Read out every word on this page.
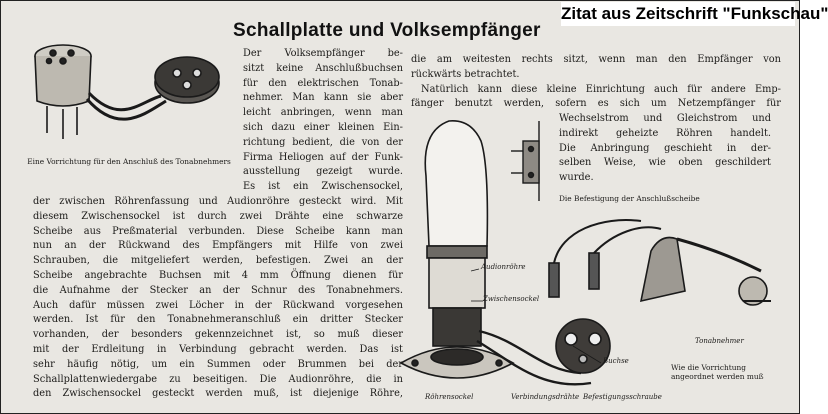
Zitat aus Zeitschrift "Funkschau"
Schallplatte und Volksempfänger
Eine Vorrichtung für den Anschluß des Tonabnehmers
Der Volksempfänger be-
sitzt keine Anschlußbuchsen
für den elektrischen Tonab-
nehmer. Man kann sie aber
leicht anbringen, wenn man
sich dazu einer kleinen Ein-
richtung bedient, die von der
Firma Heliogen auf der Funk-
ausstellung gezeigt wurde.
Es ist ein Zwischensockel,
der zwischen Röhrenfassung und Audionröhre gesteckt wird. Mit
diesem Zwischensockel ist durch zwei Drähte eine schwarze
Scheibe aus Preßmaterial verbunden. Diese Scheibe kann man
nun an der Rückwand des Empfängers mit Hilfe von zwei
Schrauben, die mitgeliefert werden, befestigen. Zwei an der
Scheibe angebrachte Buchsen mit 4 mm Öffnung dienen für
die Aufnahme der Stecker an der Schnur des Tonabnehmers.
Auch dafür müssen zwei Löcher in der Rückwand vorgesehen
werden. Ist für den Tonabnehmeranschluß ein dritter Stecker
vorhanden, der besonders gekennzeichnet ist, so muß dieser
mit der Erdleitung in Verbindung gebracht werden. Das ist
sehr häufig nötig, um ein Summen oder Brummen bei der
Schallplattenwiedergabe zu beseitigen. Die Audionröhre, die in
den Zwischensockel gesteckt werden muß, ist diejenige Röhre,
die am weitesten rechts sitzt, wenn man den Empfänger von
rückwärts betrachtet.
Natürlich kann diese kleine Einrichtung auch für andere Emp-
fänger benutzt werden, sofern es sich um Netzempfänger für
Wechselstrom und Gleichstrom und
indirekt geheizte Röhren handelt.
Die Anbringung geschieht in der-
selben Weise, wie oben geschildert
wurde.
Die Befestigung der Anschlußscheibe
Audionröhre
Zwischensockel
Röhrensockel	Verbindungsdrähte Befestigungsschraube
Buchse
Tonabnehmer
Wie die Vorrichtung angeordnet werden muß
